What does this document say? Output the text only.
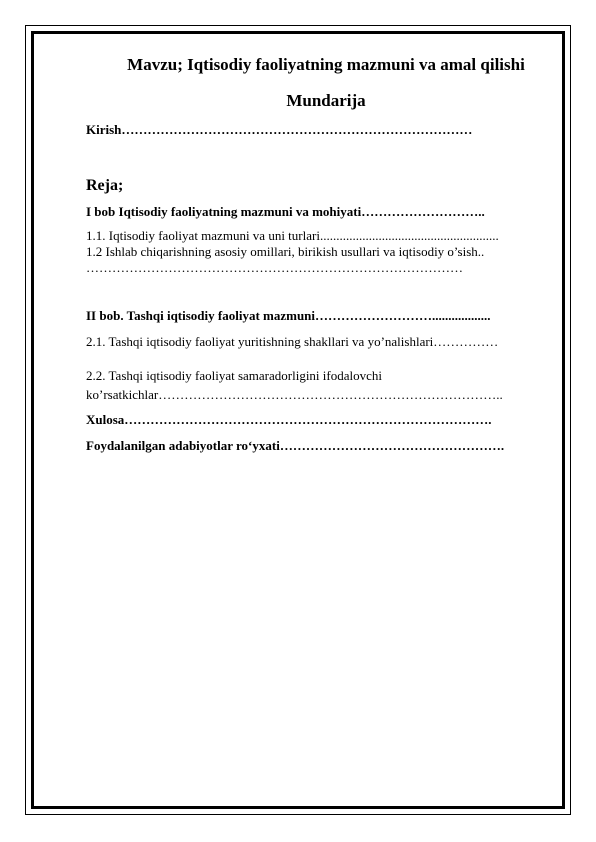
Mavzu; Iqtisodiy faoliyatning mazmuni va amal qilishi

Mundarija

Kirish………………………………………………………………………

Reja;

I bob Iqtisodiy faoliyatning mazmuni va mohiyati………………………..

1.1. Iqtisodiy faoliyat mazmuni va uni turlari.......................................................

1.2 Ishlab chiqarishning asosiy omillari, birikish usullari va iqtisodiy o’sish..

……………………………………………………………………………

II bob. Tashqi iqtisodiy faoliyat mazmuni………………………..................

2.1. Tashqi iqtisodiy faoliyat yuritishning shakllari va yo’nalishlari……………

2.2. Tashqi iqtisodiy faoliyat samaradorligini ifodalovchi

ko’rsatkichlar……………………………………………………………………..

Xulosa………………………………………………………………………….

Foydalanilgan adabiyotlar ro‘yxati…………………………………………….
